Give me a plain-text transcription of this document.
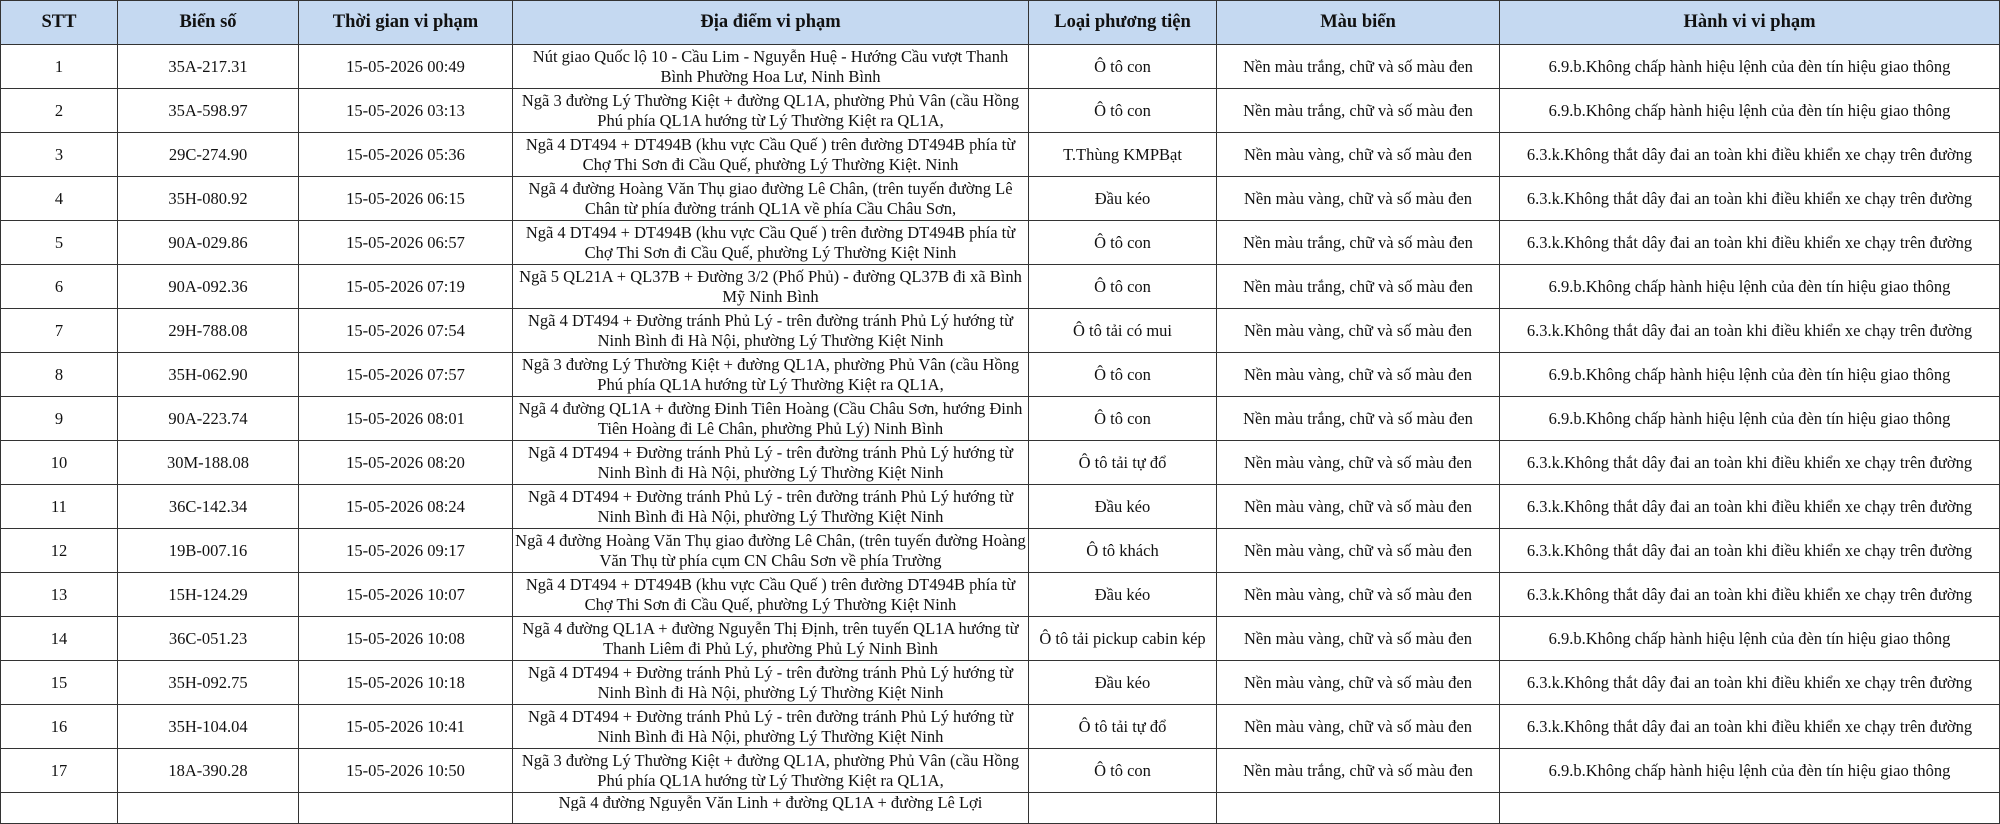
STT	Biển số	Thời gian vi phạm	Địa điểm vi phạm	Loại phương tiện	Màu biển	Hành vi vi phạm
1	35A-217.31	15-05-2026 00:49	Nút giao Quốc lộ 10 - Cầu Lim - Nguyễn Huệ - Hướng Cầu vượt Thanh Bình Phường Hoa Lư, Ninh Bình	Ô tô con	Nền màu trắng, chữ và số màu đen	6.9.b.Không chấp hành hiệu lệnh của đèn tín hiệu giao thông
2	35A-598.97	15-05-2026 03:13	Ngã 3 đường Lý Thường Kiệt + đường QL1A, phường Phủ Vân (cầu Hồng Phú phía QL1A hướng từ Lý Thường Kiệt ra QL1A,	Ô tô con	Nền màu trắng, chữ và số màu đen	6.9.b.Không chấp hành hiệu lệnh của đèn tín hiệu giao thông
3	29C-274.90	15-05-2026 05:36	Ngã 4 DT494 + DT494B (khu vực Cầu Quế ) trên đường DT494B phía từ Chợ Thi Sơn đi Cầu Quế, phường Lý Thường Kiệt. Ninh	T.Thùng KMPBạt	Nền màu vàng, chữ và số màu đen	6.3.k.Không thắt dây đai an toàn khi điều khiển xe chạy trên đường
4	35H-080.92	15-05-2026 06:15	Ngã 4 đường Hoàng Văn Thụ giao đường Lê Chân, (trên tuyến đường Lê Chân từ phía đường tránh QL1A về phía Cầu Châu Sơn,	Đầu kéo	Nền màu vàng, chữ và số màu đen	6.3.k.Không thắt dây đai an toàn khi điều khiển xe chạy trên đường
5	90A-029.86	15-05-2026 06:57	Ngã 4 DT494 + DT494B (khu vực Cầu Quế ) trên đường DT494B phía từ Chợ Thi Sơn đi Cầu Quế, phường Lý Thường Kiệt Ninh	Ô tô con	Nền màu trắng, chữ và số màu đen	6.3.k.Không thắt dây đai an toàn khi điều khiển xe chạy trên đường
6	90A-092.36	15-05-2026 07:19	Ngã 5 QL21A + QL37B + Đường 3/2 (Phố Phủ) - đường QL37B đi xã Bình Mỹ Ninh Bình	Ô tô con	Nền màu trắng, chữ và số màu đen	6.9.b.Không chấp hành hiệu lệnh của đèn tín hiệu giao thông
7	29H-788.08	15-05-2026 07:54	Ngã 4 DT494 + Đường tránh Phủ Lý - trên đường tránh Phủ Lý hướng từ Ninh Bình đi Hà Nội, phường Lý Thường Kiệt Ninh	Ô tô tải có mui	Nền màu vàng, chữ và số màu đen	6.3.k.Không thắt dây đai an toàn khi điều khiển xe chạy trên đường
8	35H-062.90	15-05-2026 07:57	Ngã 3 đường Lý Thường Kiệt + đường QL1A, phường Phủ Vân (cầu Hồng Phú phía QL1A hướng từ Lý Thường Kiệt ra QL1A,	Ô tô con	Nền màu vàng, chữ và số màu đen	6.9.b.Không chấp hành hiệu lệnh của đèn tín hiệu giao thông
9	90A-223.74	15-05-2026 08:01	Ngã 4 đường QL1A + đường Đinh Tiên Hoàng (Cầu Châu Sơn, hướng Đinh Tiên Hoàng đi Lê Chân, phường Phủ Lý) Ninh Bình	Ô tô con	Nền màu trắng, chữ và số màu đen	6.9.b.Không chấp hành hiệu lệnh của đèn tín hiệu giao thông
10	30M-188.08	15-05-2026 08:20	Ngã 4 DT494 + Đường tránh Phủ Lý - trên đường tránh Phủ Lý hướng từ Ninh Bình đi Hà Nội, phường Lý Thường Kiệt Ninh	Ô tô tải tự đổ	Nền màu vàng, chữ và số màu đen	6.3.k.Không thắt dây đai an toàn khi điều khiển xe chạy trên đường
11	36C-142.34	15-05-2026 08:24	Ngã 4 DT494 + Đường tránh Phủ Lý - trên đường tránh Phủ Lý hướng từ Ninh Bình đi Hà Nội, phường Lý Thường Kiệt Ninh	Đầu kéo	Nền màu vàng, chữ và số màu đen	6.3.k.Không thắt dây đai an toàn khi điều khiển xe chạy trên đường
12	19B-007.16	15-05-2026 09:17	Ngã 4 đường Hoàng Văn Thụ giao đường Lê Chân, (trên tuyến đường Hoàng Văn Thụ từ phía cụm CN Châu Sơn về phía Trường	Ô tô khách	Nền màu vàng, chữ và số màu đen	6.3.k.Không thắt dây đai an toàn khi điều khiển xe chạy trên đường
13	15H-124.29	15-05-2026 10:07	Ngã 4 DT494 + DT494B (khu vực Cầu Quế ) trên đường DT494B phía từ Chợ Thi Sơn đi Cầu Quế, phường Lý Thường Kiệt Ninh	Đầu kéo	Nền màu vàng, chữ và số màu đen	6.3.k.Không thắt dây đai an toàn khi điều khiển xe chạy trên đường
14	36C-051.23	15-05-2026 10:08	Ngã 4 đường QL1A + đường Nguyễn Thị Định, trên tuyến QL1A hướng từ Thanh Liêm đi Phủ Lý, phường Phủ Lý Ninh Bình	Ô tô tải pickup cabin kép	Nền màu vàng, chữ và số màu đen	6.9.b.Không chấp hành hiệu lệnh của đèn tín hiệu giao thông
15	35H-092.75	15-05-2026 10:18	Ngã 4 DT494 + Đường tránh Phủ Lý - trên đường tránh Phủ Lý hướng từ Ninh Bình đi Hà Nội, phường Lý Thường Kiệt Ninh	Đầu kéo	Nền màu vàng, chữ và số màu đen	6.3.k.Không thắt dây đai an toàn khi điều khiển xe chạy trên đường
16	35H-104.04	15-05-2026 10:41	Ngã 4 DT494 + Đường tránh Phủ Lý - trên đường tránh Phủ Lý hướng từ Ninh Bình đi Hà Nội, phường Lý Thường Kiệt Ninh	Ô tô tải tự đổ	Nền màu vàng, chữ và số màu đen	6.3.k.Không thắt dây đai an toàn khi điều khiển xe chạy trên đường
17	18A-390.28	15-05-2026 10:50	Ngã 3 đường Lý Thường Kiệt + đường QL1A, phường Phủ Vân (cầu Hồng Phú phía QL1A hướng từ Lý Thường Kiệt ra QL1A,	Ô tô con	Nền màu trắng, chữ và số màu đen	6.9.b.Không chấp hành hiệu lệnh của đèn tín hiệu giao thông

			Ngã 4 đường Nguyễn Văn Linh + đường QL1A + đường Lê Lợi			
